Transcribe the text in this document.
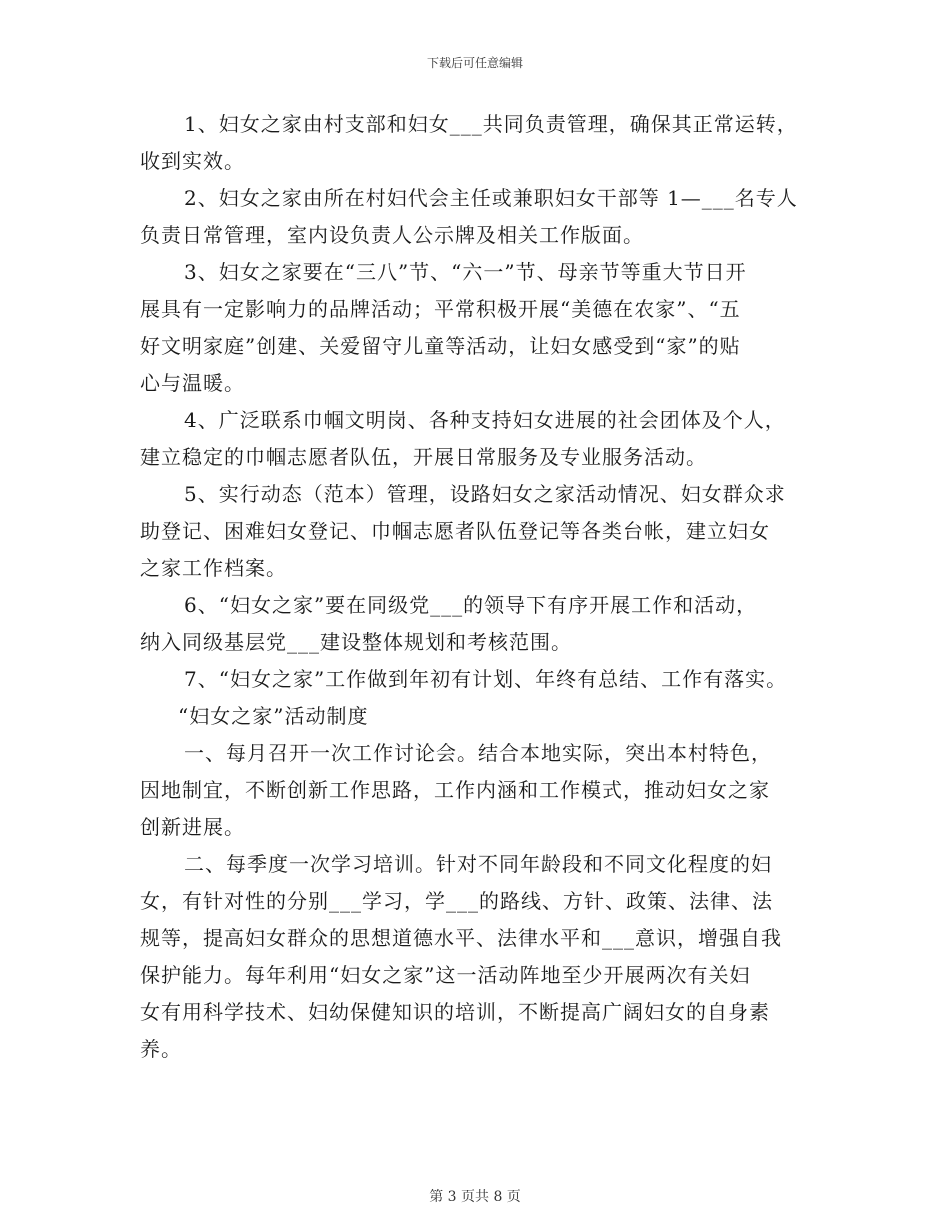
下载后可任意编辑
1、妇女之家由村支部和妇女___共同负责管理，确保其正常运转，
收到实效。
2、妇女之家由所在村妇代会主任或兼职妇女干部等 1—___名专人
负责日常管理，室内设负责人公示牌及相关工作版面。
3、妇女之家要在“三八”节、“六一”节、母亲节等重大节日开
展具有一定影响力的品牌活动；平常积极开展“美德在农家”、“五
好文明家庭”创建、关爱留守儿童等活动，让妇女感受到“家”的贴
心与温暖。
4、广泛联系巾帼文明岗、各种支持妇女进展的社会团体及个人，
建立稳定的巾帼志愿者队伍，开展日常服务及专业服务活动。
5、实行动态（范本）管理，设路妇女之家活动情况、妇女群众求
助登记、困难妇女登记、巾帼志愿者队伍登记等各类台帐，建立妇女
之家工作档案。
6、“妇女之家”要在同级党___的领导下有序开展工作和活动，
纳入同级基层党___建设整体规划和考核范围。
7、“妇女之家”工作做到年初有计划、年终有总结、工作有落实。
“妇女之家”活动制度
一、每月召开一次工作讨论会。结合本地实际，突出本村特色，
因地制宜，不断创新工作思路，工作内涵和工作模式，推动妇女之家
创新进展。
二、每季度一次学习培训。针对不同年龄段和不同文化程度的妇
女，有针对性的分别___学习，学___的路线、方针、政策、法律、法
规等，提高妇女群众的思想道德水平、法律水平和___意识，增强自我
保护能力。每年利用“妇女之家”这一活动阵地至少开展两次有关妇
女有用科学技术、妇幼保健知识的培训，不断提高广阔妇女的自身素
养。
第 3 页共 8 页
